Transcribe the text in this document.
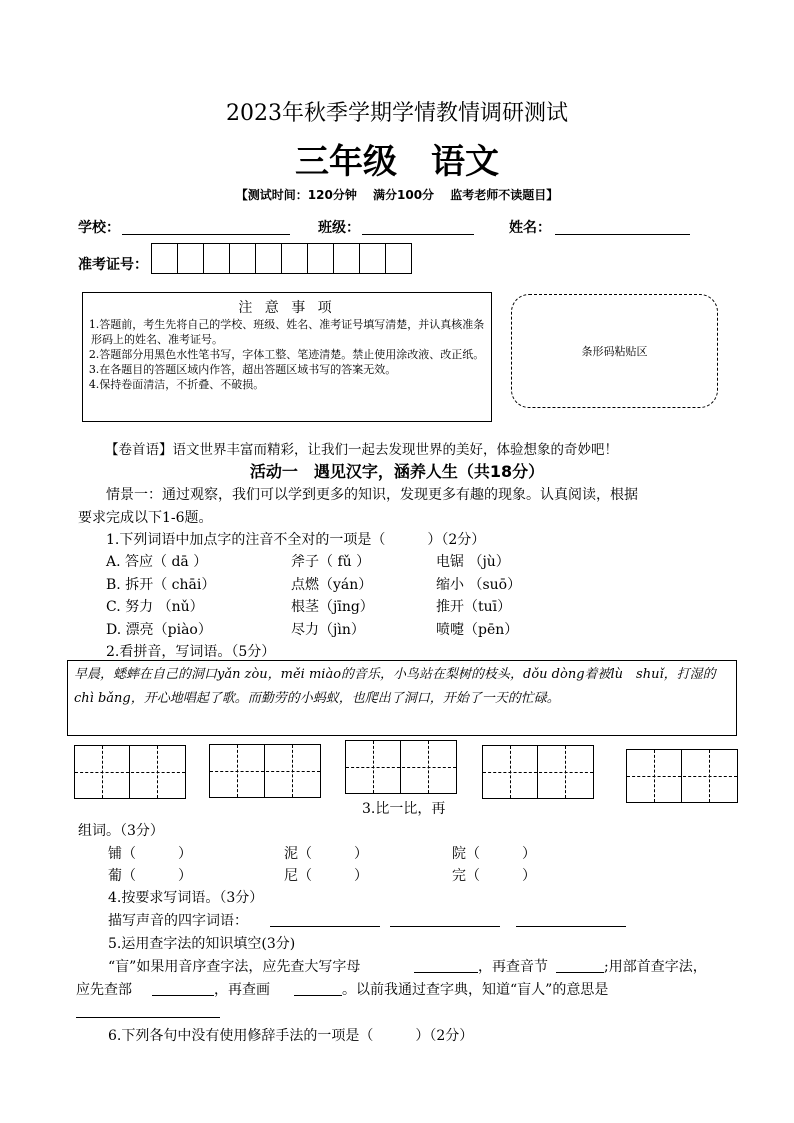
2023年秋季学期学情教情调研测试
三年级　语文
【测试时间：120分钟　 满分100分　 监考老师不读题目】
学校：	班级：	姓名：
准考证号：
注 意 事 项
1.答题前，考生先将自己的学校、班级、姓名、准考证号填写清楚，并认真核准条形码上的姓名、准考证号。
2.答题部分用黑色水性笔书写，字体工整、笔迹清楚。禁止使用涂改液、改正纸。
3.在各题目的答题区域内作答，超出答题区域书写的答案无效。
4.保持卷面清洁，不折叠、不破损。
条形码粘贴区
【卷首语】语文世界丰富而精彩，让我们一起去发现世界的美好，体验想象的奇妙吧！
活动一　遇见汉字，涵养人生（共18分）
情景一：通过观察，我们可以学到更多的知识，发现更多有趣的现象。认真阅读，根据
要求完成以下1-6题。
1.下列词语中加点字的注音不全对的一项是（　　　）（2分）
A. 答应（ dā ）	斧子（ fǔ ）	电锯 （jù）
B. 拆开（ chāi）	点燃（yán）	缩小 （suō）
C. 努力 （nǔ）	根茎（jīng）	推开（tuī）
D. 漂亮（piào）	尽力（jìn）	喷嚏（pēn）
2.看拼音，写词语。（5分）
早晨，蟋蟀在自己的洞口yǎn zòu，měi miào的音乐，小鸟站在梨树的枝头，dǒu dòng着被lù　shuǐ，打湿的chì bǎng，开心地唱起了歌。而勤劳的小蚂蚁，也爬出了洞口，开始了一天的忙碌。
3.比一比，再
组词。（3分）
铺（　　　）	泥（　　　）	院（　　　）
葡（　　　）	尼（　　　）	完（　　　）
4.按要求写词语。（3分）
描写声音的四字词语：
5.运用查字法的知识填空(3分)
“盲”如果用音序查字法，应先查大写字母	，再查音节	;用部首查字法，
应先查部	，再查画	。以前我通过查字典，知道“盲人”的意思是
6.下列各句中没有使用修辞手法的一项是（　　　）（2分）
